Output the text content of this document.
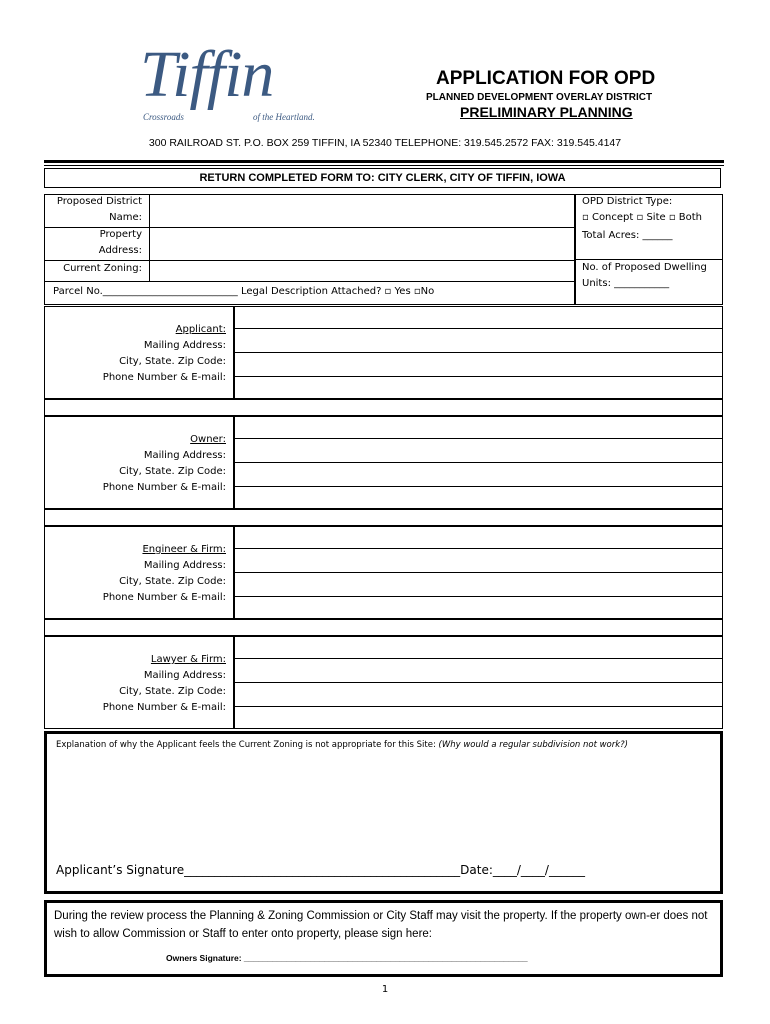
Tiffin
Crossroads	of the Heartland.
APPLICATION FOR OPD
PLANNED DEVELOPMENT OVERLAY DISTRICT
PRELIMINARY PLANNING
300 RAILROAD ST. P.O. BOX 259 TIFFIN, IA 52340 TELEPHONE: 319.545.2572 FAX: 319.545.4147
RETURN COMPLETED FORM TO: CITY CLERK, CITY OF TIFFIN, IOWA
Proposed District
Name:
Property
Address:
Current Zoning:
Parcel No.___________________________ Legal Description Attached? ▫ Yes ▫No
OPD District Type:
▫ Concept ▫ Site ▫ Both
Total Acres: ______
No. of Proposed Dwelling
Units: ___________
Applicant:
Mailing Address:
City, State. Zip Code:
Phone Number & E-mail:
Owner:
Mailing Address:
City, State. Zip Code:
Phone Number & E-mail:
Engineer & Firm:
Mailing Address:
City, State. Zip Code:
Phone Number & E-mail:
Lawyer & Firm:
Mailing Address:
City, State. Zip Code:
Phone Number & E-mail:
Explanation of why the Applicant feels the Current Zoning is not appropriate for this Site: (Why would a regular subdivision not work?)
Applicant’s Signature______________________________________________Date:____/____/______
During the review process the Planning & Zoning Commission or City Staff may visit the property. If the property own-er does not wish to allow Commission or Staff to enter onto property, please sign here:
Owners Signature: ____________________________________________________________
1
